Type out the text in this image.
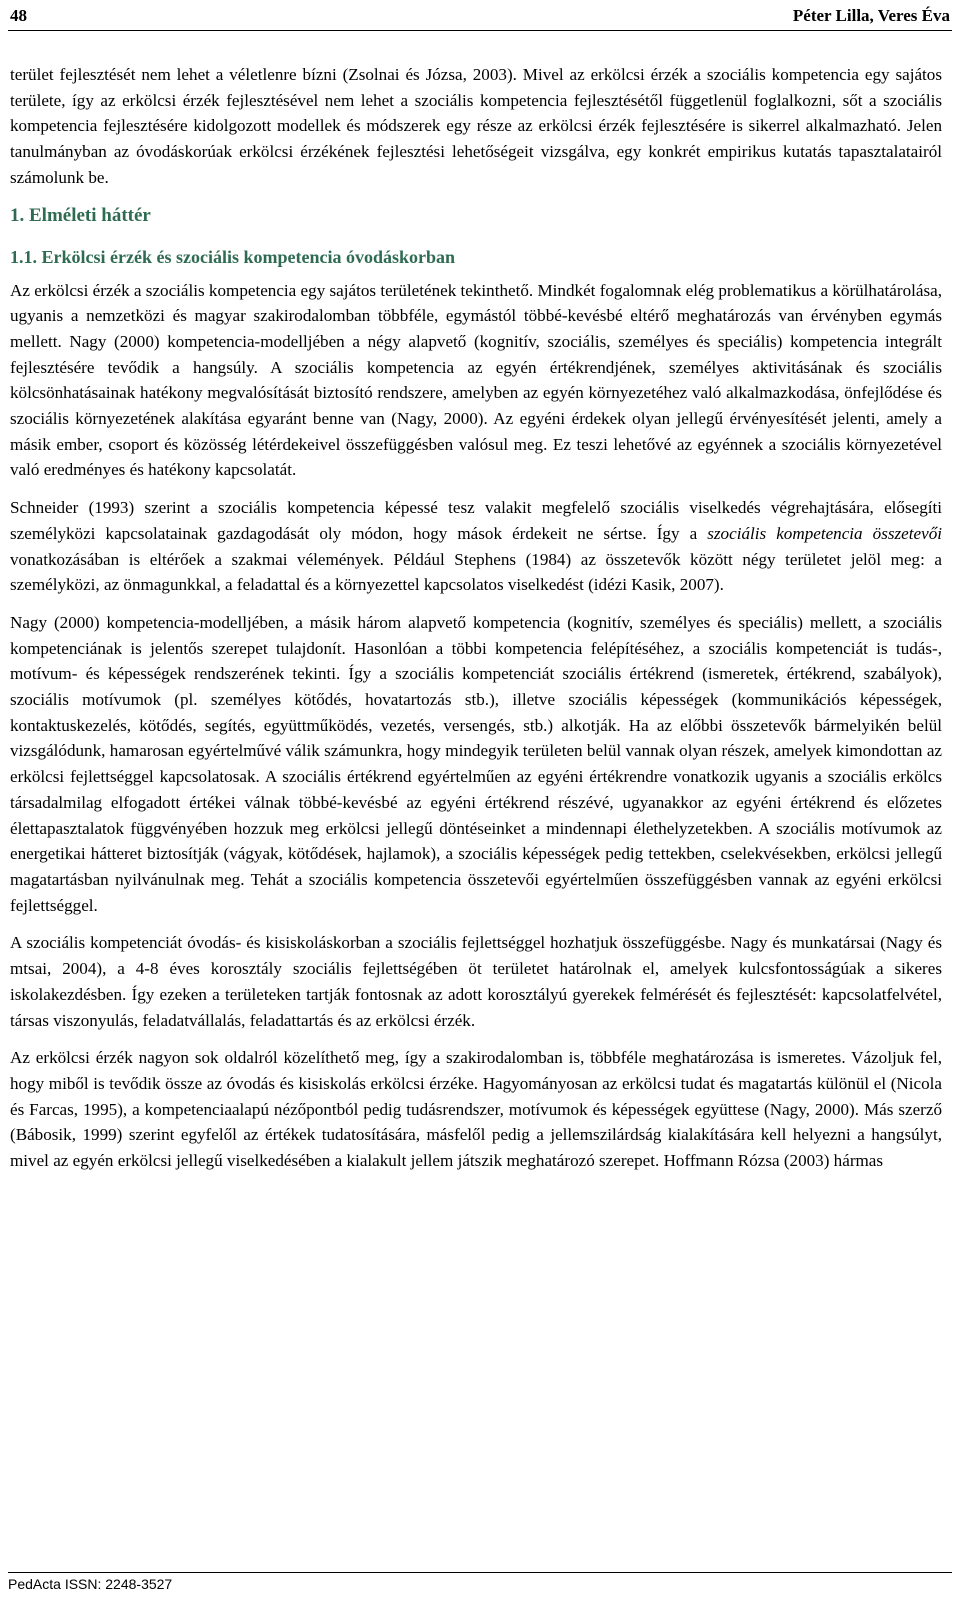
48	Péter Lilla, Veres Éva

terület fejlesztését nem lehet a véletlenre bízni (Zsolnai és Józsa, 2003). Mivel az erkölcsi érzék a szociális kompetencia egy sajátos területe, így az erkölcsi érzék fejlesztésével nem lehet a szociális kompetencia fejlesztésétől függetlenül foglalkozni, sőt a szociális kompetencia fejlesztésére kidolgozott modellek és módszerek egy része az erkölcsi érzék fejlesztésére is sikerrel alkalmazható. Jelen tanulmányban az óvodáskorúak erkölcsi érzékének fejlesztési lehetőségeit vizsgálva, egy konkrét empirikus kutatás tapasztalatairól számolunk be.

1. Elméleti háttér
1.1. Erkölcsi érzék és szociális kompetencia óvodáskorban

Az erkölcsi érzék a szociális kompetencia egy sajátos területének tekinthető. Mindkét fogalomnak elég problematikus a körülhatárolása, ugyanis a nemzetközi és magyar szakirodalomban többféle, egymástól többé-kevésbé eltérő meghatározás van érvényben egymás mellett. Nagy (2000) kompetencia-modelljében a négy alapvető (kognitív, szociális, személyes és speciális) kompetencia integrált fejlesztésére tevődik a hangsúly. A szociális kompetencia az egyén értékrendjének, személyes aktivitásának és szociális kölcsönhatásainak hatékony megvalósítását biztosító rendszere, amelyben az egyén környezetéhez való alkalmazkodása, önfejlődése és szociális környezetének alakítása egyaránt benne van (Nagy, 2000). Az egyéni érdekek olyan jellegű érvényesítését jelenti, amely a másik ember, csoport és közösség létérdekeivel összefüggésben valósul meg. Ez teszi lehetővé az egyénnek a szociális környezetével való eredményes és hatékony kapcsolatát.

Schneider (1993) szerint a szociális kompetencia képessé tesz valakit megfelelő szociális viselkedés végrehajtására, elősegíti személyközi kapcsolatainak gazdagodását oly módon, hogy mások érdekeit ne sértse. Így a szociális kompetencia összetevői vonatkozásában is eltérőek a szakmai vélemények. Például Stephens (1984) az összetevők között négy területet jelöl meg: a személyközi, az önmagunkkal, a feladattal és a környezettel kapcsolatos viselkedést (idézi Kasik, 2007).

Nagy (2000) kompetencia-modelljében, a másik három alapvető kompetencia (kognitív, személyes és speciális) mellett, a szociális kompetenciának is jelentős szerepet tulajdonít. Hasonlóan a többi kompetencia felépítéséhez, a szociális kompetenciát is tudás-, motívum- és képességek rendszerének tekinti. Így a szociális kompetenciát szociális értékrend (ismeretek, értékrend, szabályok), szociális motívumok (pl. személyes kötődés, hovatartozás stb.), illetve szociális képességek (kommunikációs képességek, kontaktuskezelés, kötődés, segítés, együttműködés, vezetés, versengés, stb.) alkotják. Ha az előbbi összetevők bármelyikén belül vizsgálódunk, hamarosan egyértelművé válik számunkra, hogy mindegyik területen belül vannak olyan részek, amelyek kimondottan az erkölcsi fejlettséggel kapcsolatosak. A szociális értékrend egyértelműen az egyéni értékrendre vonatkozik ugyanis a szociális erkölcs társadalmilag elfogadott értékei válnak többé-kevésbé az egyéni értékrend részévé, ugyanakkor az egyéni értékrend és előzetes élettapasztalatok függvényében hozzuk meg erkölcsi jellegű döntéseinket a mindennapi élethelyzetekben. A szociális motívumok az energetikai hátteret biztosítják (vágyak, kötődések, hajlamok), a szociális képességek pedig tettekben, cselekvésekben, erkölcsi jellegű magatartásban nyilvánulnak meg. Tehát a szociális kompetencia összetevői egyértelműen összefüggésben vannak az egyéni erkölcsi fejlettséggel.

A szociális kompetenciát óvodás- és kisiskoláskorban a szociális fejlettséggel hozhatjuk összefüggésbe. Nagy és munkatársai (Nagy és mtsai, 2004), a 4-8 éves korosztály szociális fejlettségében öt területet határolnak el, amelyek kulcsfontosságúak a sikeres iskolakezdésben. Így ezeken a területeken tartják fontosnak az adott korosztályú gyerekek felmérését és fejlesztését: kapcsolatfelvétel, társas viszonyulás, feladatvállalás, feladattartás és az erkölcsi érzék.

Az erkölcsi érzék nagyon sok oldalról közelíthető meg, így a szakirodalomban is, többféle meghatározása is ismeretes. Vázoljuk fel, hogy miből is tevődik össze az óvodás és kisiskolás erkölcsi érzéke. Hagyományosan az erkölcsi tudat és magatartás különül el (Nicola és Farcas, 1995), a kompetenciaalapú nézőpontból pedig tudásrendszer, motívumok és képességek együttese (Nagy, 2000). Más szerző (Bábosik, 1999) szerint egyfelől az értékek tudatosítására, másfelől pedig a jellemszilárdság kialakítására kell helyezni a hangsúlyt, mivel az egyén erkölcsi jellegű viselkedésében a kialakult jellem játszik meghatározó szerepet. Hoffmann Rózsa (2003) hármas

PedActa ISSN: 2248-3527
